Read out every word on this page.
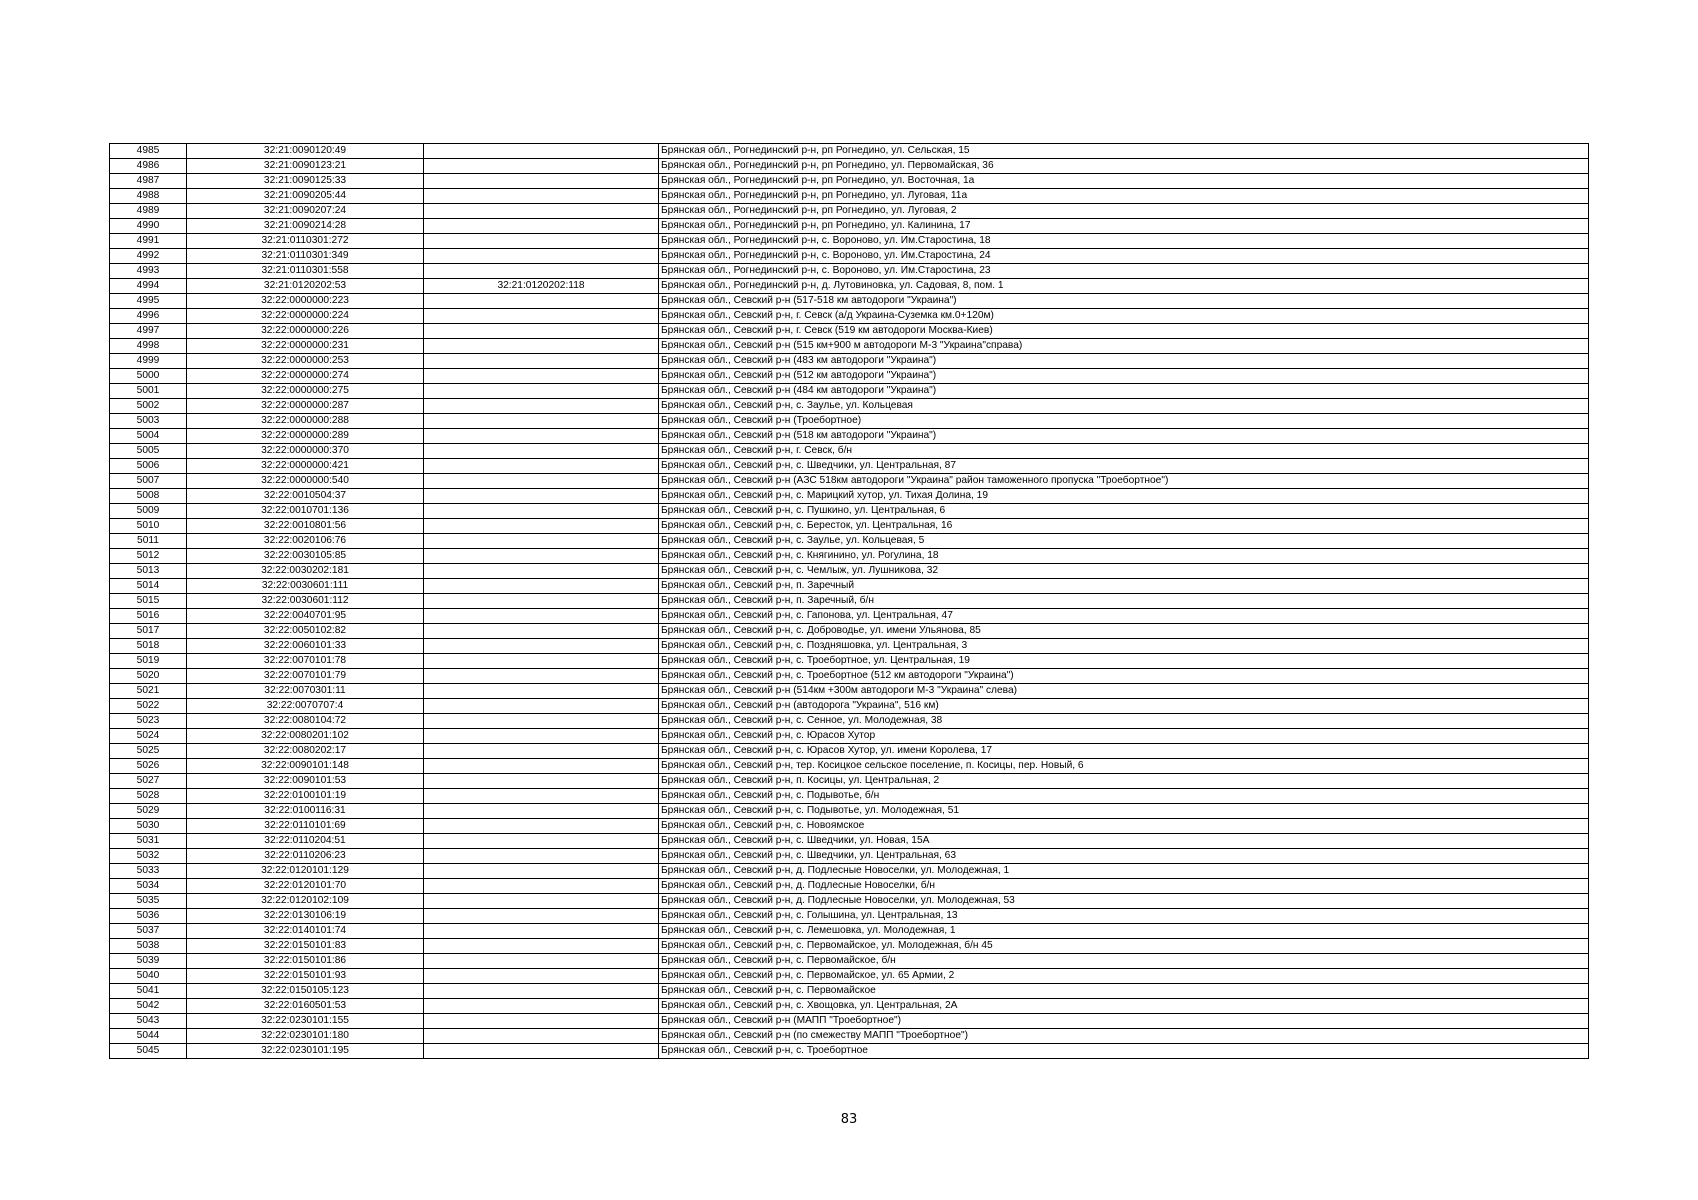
4985	32:21:0090120:49		Брянская обл., Рогнединский р-н, рп Рогнедино, ул. Сельская, 15
4986	32:21:0090123:21		Брянская обл., Рогнединский р-н, рп Рогнедино, ул. Первомайская, 36
4987	32:21:0090125:33		Брянская обл., Рогнединский р-н, рп Рогнедино, ул. Восточная, 1а
4988	32:21:0090205:44		Брянская обл., Рогнединский р-н, рп Рогнедино, ул. Луговая, 11а
4989	32:21:0090207:24		Брянская обл., Рогнединский р-н, рп Рогнедино, ул. Луговая, 2
4990	32:21:0090214:28		Брянская обл., Рогнединский р-н, рп Рогнедино, ул. Калинина, 17
4991	32:21:0110301:272		Брянская обл., Рогнединский р-н, с. Вороново, ул. Им.Старостина, 18
4992	32:21:0110301:349		Брянская обл., Рогнединский р-н, с. Вороново, ул. Им.Старостина, 24
4993	32:21:0110301:558		Брянская обл., Рогнединский р-н, с. Вороново, ул. Им.Старостина, 23
4994	32:21:0120202:53	32:21:0120202:118	Брянская обл., Рогнединский р-н, д. Лутовиновка, ул. Садовая, 8, пом. 1
4995	32:22:0000000:223		Брянская обл., Севский р-н (517-518 км автодороги "Украина")
4996	32:22:0000000:224		Брянская обл., Севский р-н, г. Севск (а/д Украина-Суземка км.0+120м)
4997	32:22:0000000:226		Брянская обл., Севский р-н, г. Севск (519 км автодороги Москва-Киев)
4998	32:22:0000000:231		Брянская обл., Севский р-н (515 км+900 м автодороги М-3 "Украина"справа)
4999	32:22:0000000:253		Брянская обл., Севский р-н (483 км автодороги "Украина")
5000	32:22:0000000:274		Брянская обл., Севский р-н (512 км автодороги "Украина")
5001	32:22:0000000:275		Брянская обл., Севский р-н (484 км автодороги "Украина")
5002	32:22:0000000:287		Брянская обл., Севский р-н, с. Заулье, ул. Кольцевая
5003	32:22:0000000:288		Брянская обл., Севский р-н (Троебортное)
5004	32:22:0000000:289		Брянская обл., Севский р-н (518 км автодороги "Украина")
5005	32:22:0000000:370		Брянская обл., Севский р-н, г. Севск, б/н
5006	32:22:0000000:421		Брянская обл., Севский р-н, с. Шведчики, ул. Центральная, 87
5007	32:22:0000000:540		Брянская обл., Севский р-н (АЗС 518км автодороги "Украина" район таможенного пропуска "Троебортное")
5008	32:22:0010504:37		Брянская обл., Севский р-н, с. Марицкий хутор, ул. Тихая Долина, 19
5009	32:22:0010701:136		Брянская обл., Севский р-н, с. Пушкино, ул. Центральная, 6
5010	32:22:0010801:56		Брянская обл., Севский р-н, с. Бересток, ул. Центральная, 16
5011	32:22:0020106:76		Брянская обл., Севский р-н, с. Заулье, ул. Кольцевая, 5
5012	32:22:0030105:85		Брянская обл., Севский р-н, с. Княгинино, ул. Рогулина, 18
5013	32:22:0030202:181		Брянская обл., Севский р-н, с. Чемлыж, ул. Лушникова, 32
5014	32:22:0030601:111		Брянская обл., Севский р-н, п. Заречный
5015	32:22:0030601:112		Брянская обл., Севский р-н, п. Заречный, б/н
5016	32:22:0040701:95		Брянская обл., Севский р-н, с. Гапонова, ул. Центральная, 47
5017	32:22:0050102:82		Брянская обл., Севский р-н, с. Доброводье, ул. имени Ульянова, 85
5018	32:22:0060101:33		Брянская обл., Севский р-н, с. Поздняшовка, ул. Центральная, 3
5019	32:22:0070101:78		Брянская обл., Севский р-н, с. Троебортное, ул. Центральная, 19
5020	32:22:0070101:79		Брянская обл., Севский р-н, с. Троебортное (512 км автодороги "Украина")
5021	32:22:0070301:11		Брянская обл., Севский р-н (514км +300м автодороги М-3 "Украина" слева)
5022	32:22:0070707:4		Брянская обл., Севский р-н (автодорога "Украина", 516 км)
5023	32:22:0080104:72		Брянская обл., Севский р-н, с. Сенное, ул. Молодежная, 38
5024	32:22:0080201:102		Брянская обл., Севский р-н, с. Юрасов Хутор
5025	32:22:0080202:17		Брянская обл., Севский р-н, с. Юрасов Хутор, ул. имени Королева, 17
5026	32:22:0090101:148		Брянская обл., Севский р-н, тер. Косицкое сельское поселение, п. Косицы, пер. Новый, 6
5027	32:22:0090101:53		Брянская обл., Севский р-н, п. Косицы, ул. Центральная, 2
5028	32:22:0100101:19		Брянская обл., Севский р-н, с. Подывотье, б/н
5029	32:22:0100116:31		Брянская обл., Севский р-н, с. Подывотье, ул. Молодежная, 51
5030	32:22:0110101:69		Брянская обл., Севский р-н, с. Новоямское
5031	32:22:0110204:51		Брянская обл., Севский р-н, с. Шведчики, ул. Новая, 15А
5032	32:22:0110206:23		Брянская обл., Севский р-н, с. Шведчики, ул. Центральная, 63
5033	32:22:0120101:129		Брянская обл., Севский р-н, д. Подлесные Новоселки, ул. Молодежная, 1
5034	32:22:0120101:70		Брянская обл., Севский р-н, д. Подлесные Новоселки, б/н
5035	32:22:0120102:109		Брянская обл., Севский р-н, д. Подлесные Новоселки, ул. Молодежная, 53
5036	32:22:0130106:19		Брянская обл., Севский р-н, с. Голышина, ул. Центральная, 13
5037	32:22:0140101:74		Брянская обл., Севский р-н, с. Лемешовка, ул. Молодежная, 1
5038	32:22:0150101:83		Брянская обл., Севский р-н, с. Первомайское, ул. Молодежная, б/н 45
5039	32:22:0150101:86		Брянская обл., Севский р-н, с. Первомайское, б/н
5040	32:22:0150101:93		Брянская обл., Севский р-н, с. Первомайское, ул. 65 Армии, 2
5041	32:22:0150105:123		Брянская обл., Севский р-н, с. Первомайское
5042	32:22:0160501:53		Брянская обл., Севский р-н, с. Хвощовка, ул. Центральная, 2А
5043	32:22:0230101:155		Брянская обл., Севский р-н (МАПП "Троебортное")
5044	32:22:0230101:180		Брянская обл., Севский р-н (по смежеству МАПП "Троебортное")
5045	32:22:0230101:195		Брянская обл., Севский р-н, с. Троебортное
83
